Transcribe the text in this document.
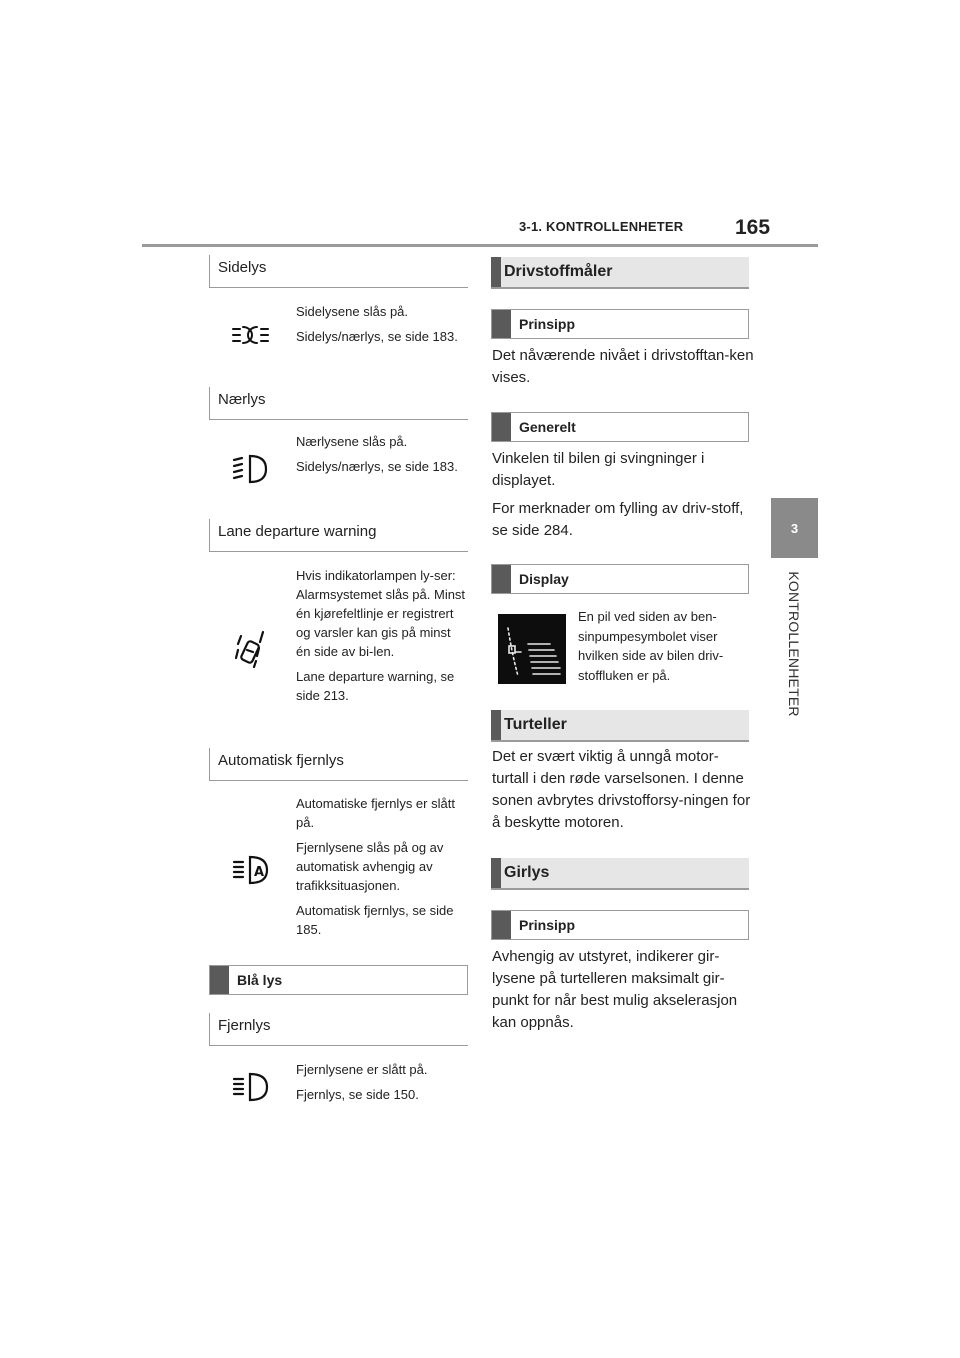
3-1. KONTROLLENHETER 165
3
KONTROLLENHETER
Sidelys

Sidelysene slås på.

Sidelys/nærlys, se side 183.

Nærlys

Nærlysene slås på.

Sidelys/nærlys, se side 183.

Lane departure warning

Hvis indikatorlampen ly-ser: Alarmsystemet slås på. Minst én kjørefeltlinje er registrert og varsler kan gis på minst én side av bi-len.

Lane departure warning, se side 213.

Automatisk fjernlys
A

Automatiske fjernlys er slått på.

Fjernlysene slås på og av automatisk avhengig av trafikksituasjonen.

Automatisk fjernlys, se side 185.

Blå lys
Fjernlys

Fjernlysene er slått på.

Fjernlys, se side 150.

Drivstoffmåler
Prinsipp

Det nåværende nivået i drivstofftan-ken vises.

Generelt

Vinkelen til bilen gi svingninger i displayet.

For merknader om fylling av driv-stoff, se side 284.

Display
En pil ved siden av ben-sinpumpesymbolet viser hvilken side av bilen driv-stoffluken er på.
Turteller

Det er svært viktig å unngå motor-turtall i den røde varselsonen. I denne sonen avbrytes drivstofforsy-ningen for å beskytte motoren.

Girlys
Prinsipp

Avhengig av utstyret, indikerer gir-lysene på turtelleren maksimalt gir-punkt for når best mulig akselerasjon kan oppnås.
